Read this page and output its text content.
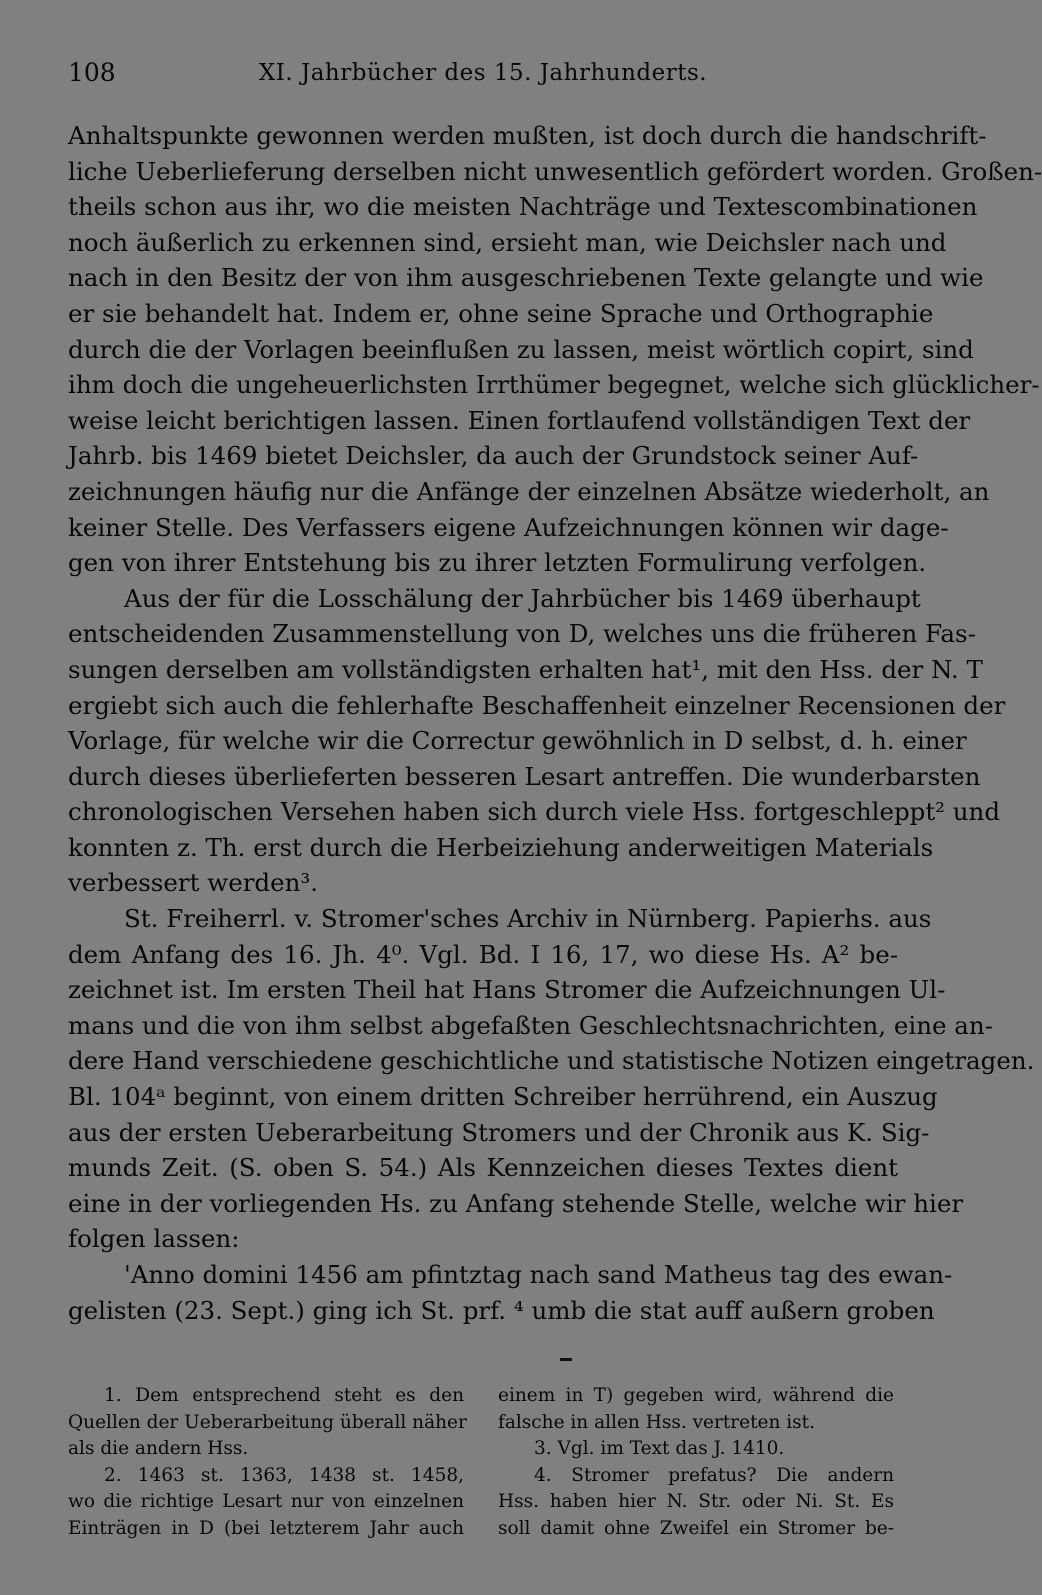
108	XI. Jahrbücher des 15. Jahrhunderts.
Anhaltspunkte gewonnen werden mußten, ist doch durch die handschrift-
liche Ueberlieferung derselben nicht unwesentlich gefördert worden. Großen-
theils schon aus ihr, wo die meisten Nachträge und Textescombinationen
noch äußerlich zu erkennen sind, ersieht man, wie Deichsler nach und
nach in den Besitz der von ihm ausgeschriebenen Texte gelangte und wie
er sie behandelt hat. Indem er, ohne seine Sprache und Orthographie
durch die der Vorlagen beeinflußen zu lassen, meist wörtlich copirt, sind
ihm doch die ungeheuerlichsten Irrthümer begegnet, welche sich glücklicher-
weise leicht berichtigen lassen. Einen fortlaufend vollständigen Text der
Jahrb. bis 1469 bietet Deichsler, da auch der Grundstock seiner Auf-
zeichnungen häufig nur die Anfänge der einzelnen Absätze wiederholt, an
keiner Stelle. Des Verfassers eigene Aufzeichnungen können wir dage-
gen von ihrer Entstehung bis zu ihrer letzten Formulirung verfolgen.
Aus der für die Losschälung der Jahrbücher bis 1469 überhaupt
entscheidenden Zusammenstellung von D, welches uns die früheren Fas-
sungen derselben am vollständigsten erhalten hat¹, mit den Hss. der N. T
ergiebt sich auch die fehlerhafte Beschaffenheit einzelner Recensionen der
Vorlage, für welche wir die Correctur gewöhnlich in D selbst, d. h. einer
durch dieses überlieferten besseren Lesart antreffen. Die wunderbarsten
chronologischen Versehen haben sich durch viele Hss. fortgeschleppt² und
konnten z. Th. erst durch die Herbeiziehung anderweitigen Materials
verbessert werden³.
St. Freiherrl. v. Stromer'sches Archiv in Nürnberg. Papierhs. aus
dem Anfang des 16. Jh. 4⁰. Vgl. Bd. I 16, 17, wo diese Hs. A² be-
zeichnet ist. Im ersten Theil hat Hans Stromer die Aufzeichnungen Ul-
mans und die von ihm selbst abgefaßten Geschlechtsnachrichten, eine an-
dere Hand verschiedene geschichtliche und statistische Notizen eingetragen.
Bl. 104ᵃ beginnt, von einem dritten Schreiber herrührend, ein Auszug
aus der ersten Ueberarbeitung Stromers und der Chronik aus K. Sig-
munds Zeit. (S. oben S. 54.) Als Kennzeichen dieses Textes dient
eine in der vorliegenden Hs. zu Anfang stehende Stelle, welche wir hier
folgen lassen:
'Anno domini 1456 am pfintztag nach sand Matheus tag des ewan-
gelisten (23. Sept.) ging ich St. prf. ⁴ umb die stat auff außern groben
1. Dem entsprechend steht es den
Quellen der Ueberarbeitung überall näher
als die andern Hss.
2. 1463 st. 1363, 1438 st. 1458,
wo die richtige Lesart nur von einzelnen
Einträgen in D (bei letzterem Jahr auch
einem in T) gegeben wird, während die
falsche in allen Hss. vertreten ist.
3. Vgl. im Text das J. 1410.
4. Stromer prefatus? Die andern
Hss. haben hier N. Str. oder Ni. St. Es
soll damit ohne Zweifel ein Stromer be-
